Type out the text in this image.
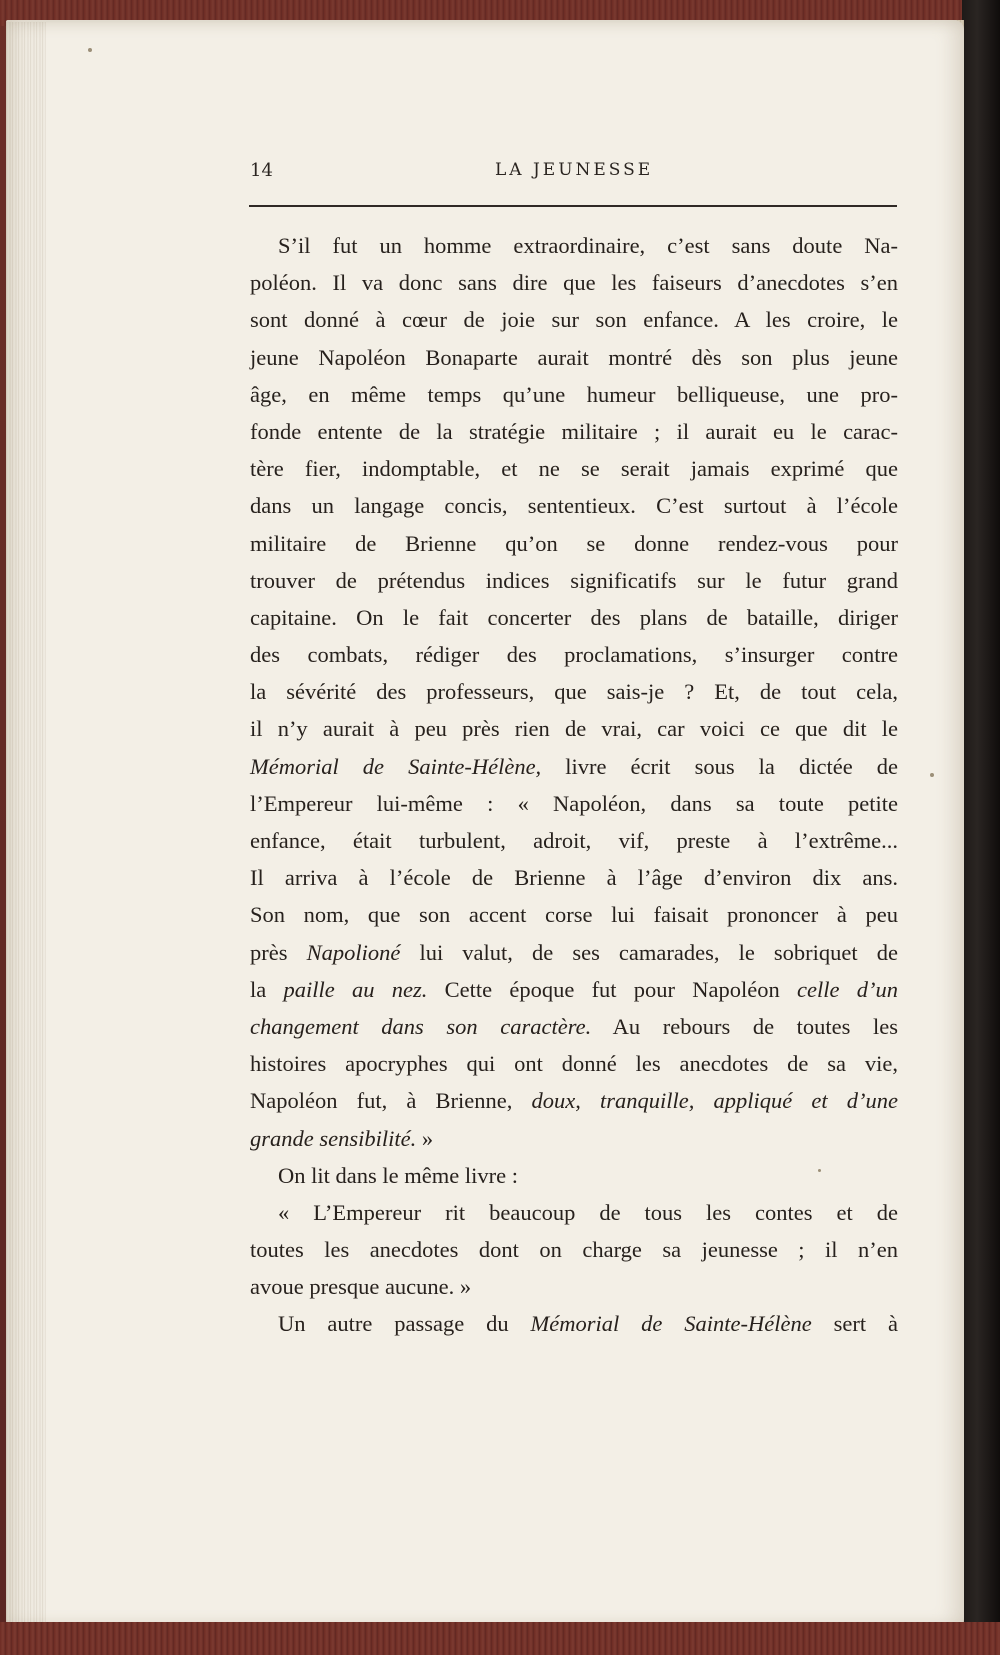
14	LA JEUNESSE
S’il fut un homme extraordinaire, c’est sans doute Na-
poléon. Il va donc sans dire que les faiseurs d’anecdotes s’en
sont donné à cœur de joie sur son enfance. A les croire, le
jeune Napoléon Bonaparte aurait montré dès son plus jeune
âge, en même temps qu’une humeur belliqueuse, une pro-
fonde entente de la stratégie militaire ; il aurait eu le carac-
tère fier, indomptable, et ne se serait jamais exprimé que
dans un langage concis, sententieux. C’est surtout à l’école
militaire de Brienne qu’on se donne rendez-vous pour
trouver de prétendus indices significatifs sur le futur grand
capitaine. On le fait concerter des plans de bataille, diriger
des combats, rédiger des proclamations, s’insurger contre
la sévérité des professeurs, que sais-je ? Et, de tout cela,
il n’y aurait à peu près rien de vrai, car voici ce que dit le
Mémorial de Sainte-Hélène, livre écrit sous la dictée de
l’Empereur lui-même : « Napoléon, dans sa toute petite
enfance, était turbulent, adroit, vif, preste à l’extrême...
Il arriva à l’école de Brienne à l’âge d’environ dix ans.
Son nom, que son accent corse lui faisait prononcer à peu
près Napolioné lui valut, de ses camarades, le sobriquet de
la paille au nez. Cette époque fut pour Napoléon celle d’un
changement dans son caractère. Au rebours de toutes les
histoires apocryphes qui ont donné les anecdotes de sa vie,
Napoléon fut, à Brienne, doux, tranquille, appliqué et d’une
grande sensibilité. »
On lit dans le même livre :
« L’Empereur rit beaucoup de tous les contes et de
toutes les anecdotes dont on charge sa jeunesse ; il n’en
avoue presque aucune. »
Un autre passage du Mémorial de Sainte-Hélène sert à
